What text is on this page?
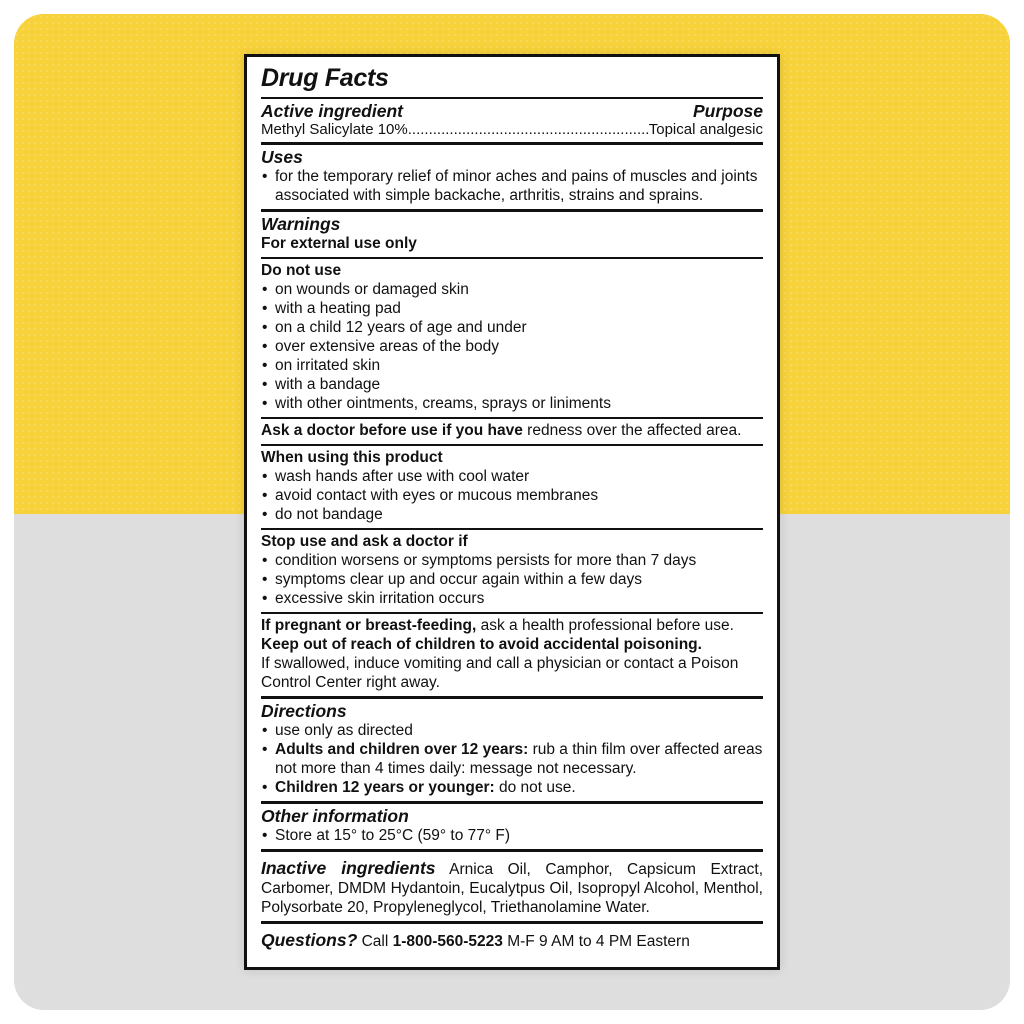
Drug Facts
Active ingredient	Purpose
Methyl Salicylate 10%
.....	Topical analgesic
Uses
• for the temporary relief of minor aches and pains of muscles and joints associated with simple backache, arthritis, strains and sprains.
Warnings
For external use only
Do not use
• on wounds or damaged skin
• with a heating pad
• on a child 12 years of age and under
• over extensive areas of the body
• on irritated skin
• with a bandage
• with other ointments, creams, sprays or liniments
Ask a doctor before use if you have redness over the affected area.
When using this product
• wash hands after use with cool water
• avoid contact with eyes or mucous membranes
• do not bandage
Stop use and ask a doctor if
• condition worsens or symptoms persists for more than 7 days
• symptoms clear up and occur again within a few days
• excessive skin irritation occurs
If pregnant or breast-feeding, ask a health professional before use.
Keep out of reach of children to avoid accidental poisoning.
If swallowed, induce vomiting and call a physician or contact a Poison Control Center right away.
Directions
• use only as directed
• Adults and children over 12 years: rub a thin film over affected areas not more than 4 times daily: message not necessary.
• Children 12 years or younger: do not use.
Other information
• Store at 15° to 25°C (59° to 77° F)
Inactive ingredients Arnica Oil, Camphor, Capsicum Extract, Carbomer, DMDM Hydantoin, Eucalytpus Oil, Isopropyl Alcohol, Menthol, Polysorbate 20, Propyleneglycol, Triethanolamine Water.
Questions? Call 1-800-560-5223 M-F 9 AM to 4 PM Eastern
